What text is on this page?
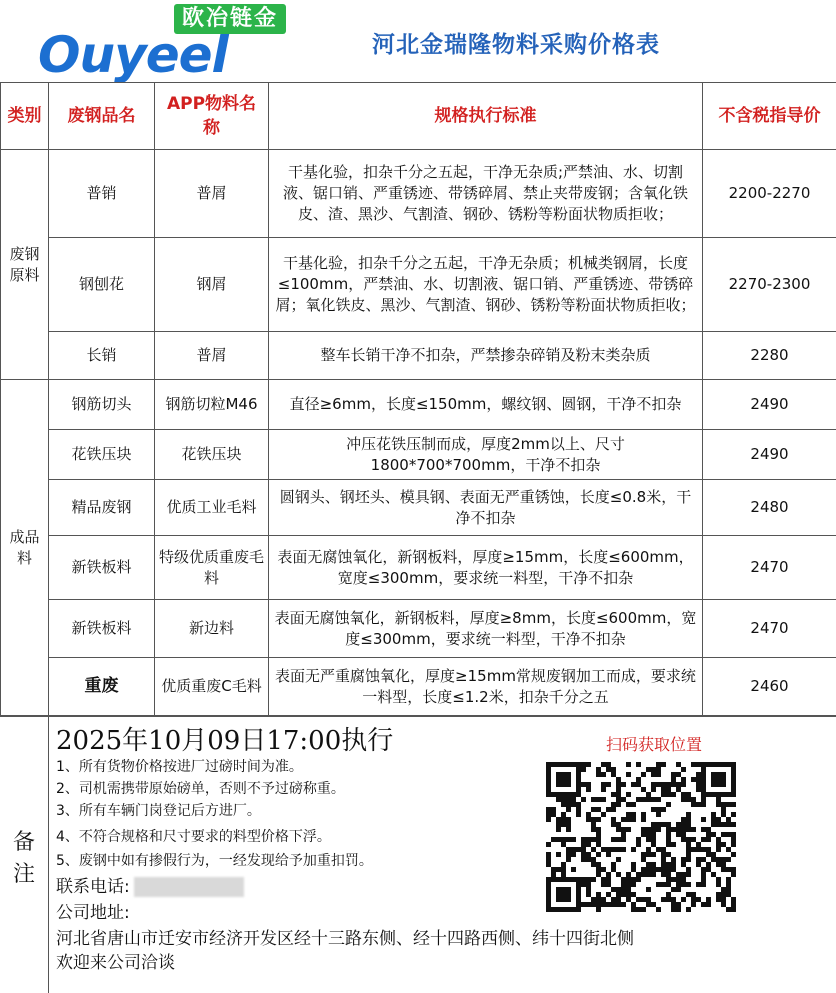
欧冶链金
Ouyeel	河北金瑞隆物料采购价格表
类别	废钢品名	APP物料名 称	规格执行标准	不含税指导价

废钢原料	普销	普屑	干基化验，扣杂千分之五起，干净无杂质;严禁油、水、切割液、锯口销、严重锈迹、带锈碎屑、禁止夹带废钢；含氧化铁皮、渣、黑沙、气割渣、钢砂、锈粉等粉面状物质拒收；	2200-2270
	钢刨花	钢屑	干基化验，扣杂千分之五起，干净无杂质；机械类钢屑，长度≤100mm，严禁油、水、切割液、锯口销、严重锈迹、带锈碎屑；氧化铁皮、黑沙、气割渣、钢砂、锈粉等粉面状物质拒收；	2270-2300
	长销	普屑	整车长销干净不扣杂，严禁掺杂碎销及粉末类杂质	2280

成品料	钢筋切头	钢筋切粒M46	直径≥6mm，长度≤150mm，螺纹钢、圆钢，干净不扣杂	2490
	花铁压块	花铁压块	冲压花铁压制而成，厚度2mm以上、尺寸1800*700*700mm，干净不扣杂	2490
	精品废钢	优质工业毛料	圆钢头、钢坯头、模具钢、表面无严重锈蚀，长度≤0.8米，干净不扣杂	2480
	新铁板料	特级优质重废毛料	表面无腐蚀氧化，新钢板料，厚度≥15mm，长度≤600mm，宽度≤300mm，要求统一料型，干净不扣杂	2470
	新铁板料	新边料	表面无腐蚀氧化，新钢板料，厚度≥8mm，长度≤600mm，宽度≤300mm，要求统一料型，干净不扣杂	2470

	重废	优质重废C毛料	表面无严重腐蚀氧化，厚度≥15mm常规废钢加工而成，要求统一料型，长度≤1.2米，扣杂千分之五	2460
备注
2025年10月09日17:00执行
1、所有货物价格按进厂过磅时间为准。
2、司机需携带原始磅单，否则不予过磅称重。
3、所有车辆门岗登记后方进厂。
4、不符合规格和尺寸要求的料型价格下浮。
5、废钢中如有掺假行为，一经发现给予加重扣罚。
联系电话:
公司地址:
河北省唐山市迁安市经济开发区经十三路东侧、经十四路西侧、纬十四街北侧
欢迎来公司洽谈
扫码获取位置
